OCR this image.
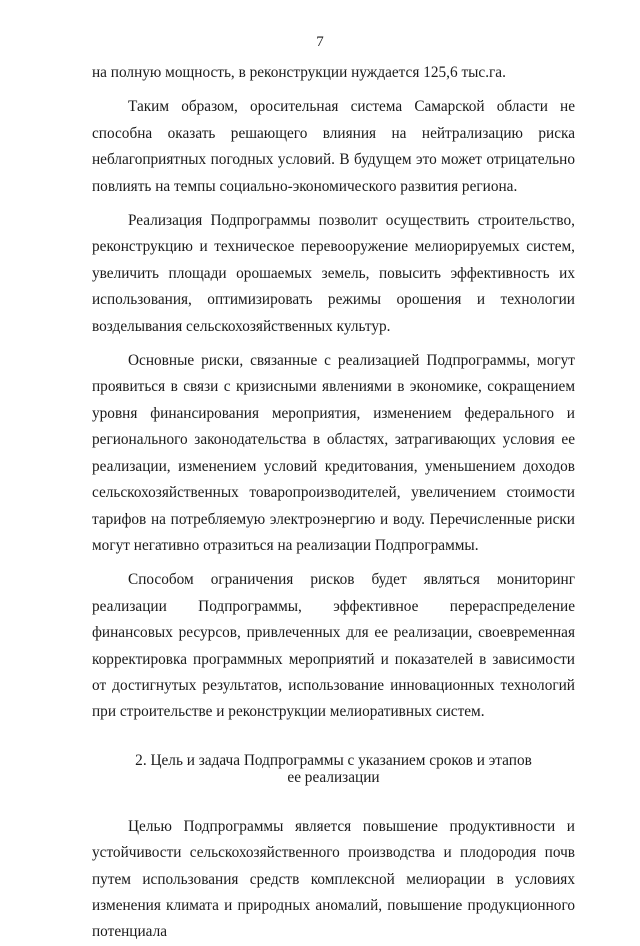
7

на полную мощность, в реконструкции нуждается 125,6 тыс.га.

Таким образом, оросительная система Самарской области не способна оказать решающего влияния на нейтрализацию риска неблагоприятных погодных условий. В будущем это может отрицательно повлиять на темпы социально-экономического развития региона.

Реализация Подпрограммы позволит осуществить строительство, реконструкцию и техническое перевооружение мелиорируемых систем, увеличить площади орошаемых земель, повысить эффективность их использования, оптимизировать режимы орошения и технологии возделывания сельскохозяйственных культур.

Основные риски, связанные с реализацией Подпрограммы, могут проявиться в связи с кризисными явлениями в экономике, сокращением уровня финансирования мероприятия, изменением федерального и регионального законодательства в областях, затрагивающих условия ее реализации, изменением условий кредитования, уменьшением доходов сельскохозяйственных товаропроизводителей, увеличением стоимости тарифов на потребляемую электроэнергию и воду. Перечисленные риски могут негативно отразиться на реализации Подпрограммы.

Способом ограничения рисков будет являться мониторинг реализации Подпрограммы, эффективное перераспределение финансовых ресурсов, привлеченных для ее реализации, своевременная корректировка программных мероприятий и показателей в зависимости от достигнутых результатов, использование инновационных технологий при строительстве и реконструкции мелиоративных систем.

2. Цель и задача Подпрограммы с указанием сроков и этапов
ее реализации

Целью Подпрограммы является повышение продуктивности и устойчивости сельскохозяйственного производства и плодородия почв путем использования средств комплексной мелиорации в условиях изменения климата и природных аномалий, повышение продукционного потенциала
